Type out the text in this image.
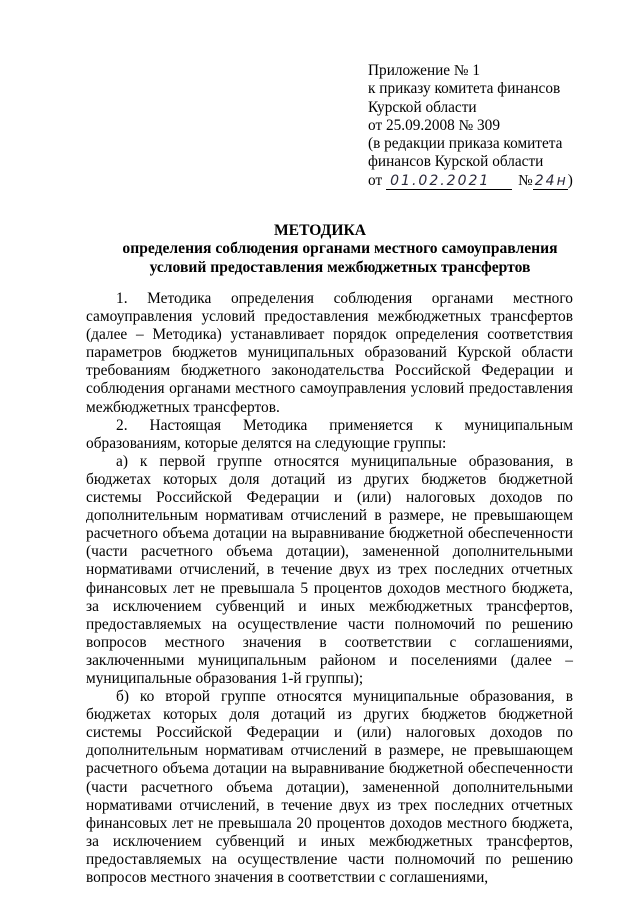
Приложение № 1
к приказу комитета финансов
Курской области
от 25.09.2008 № 309
(в редакции приказа комитета
финансов Курской области
от 01.02.2021	№ 24н )
МЕТОДИКА
определения соблюдения органами местного самоуправления условий предоставления межбюджетных трансфертов

1. Методика определения соблюдения органами местного самоуправления условий предоставления межбюджетных трансфертов (далее – Методика) устанавливает порядок определения соответствия параметров бюджетов муниципальных образований Курской области требованиям бюджетного законодательства Российской Федерации и соблюдения органами местного самоуправления условий предоставления межбюджетных трансфертов.

2. Настоящая Методика применяется к муниципальным образованиям, которые делятся на следующие группы:

а) к первой группе относятся муниципальные образования, в бюджетах которых доля дотаций из других бюджетов бюджетной системы Российской Федерации и (или) налоговых доходов по дополнительным нормативам отчислений в размере, не превышающем расчетного объема дотации на выравнивание бюджетной обеспеченности (части расчетного объема дотации), замененной дополнительными нормативами отчислений, в течение двух из трех последних отчетных финансовых лет не превышала 5 процентов доходов местного бюджета, за исключением субвенций и иных межбюджетных трансфертов, предоставляемых на осуществление части полномочий по решению вопросов местного значения в соответствии с соглашениями, заключенными муниципальным районом и поселениями (далее – муниципальные образования 1-й группы);

б) ко второй группе относятся муниципальные образования, в бюджетах которых доля дотаций из других бюджетов бюджетной системы Российской Федерации и (или) налоговых доходов по дополнительным нормативам отчислений в размере, не превышающем расчетного объема дотации на выравнивание бюджетной обеспеченности (части расчетного объема дотации), замененной дополнительными нормативами отчислений, в течение двух из трех последних отчетных финансовых лет не превышала 20 процентов доходов местного бюджета, за исключением субвенций и иных межбюджетных трансфертов, предоставляемых на осуществление части полномочий по решению вопросов местного значения в соответствии с соглашениями,
